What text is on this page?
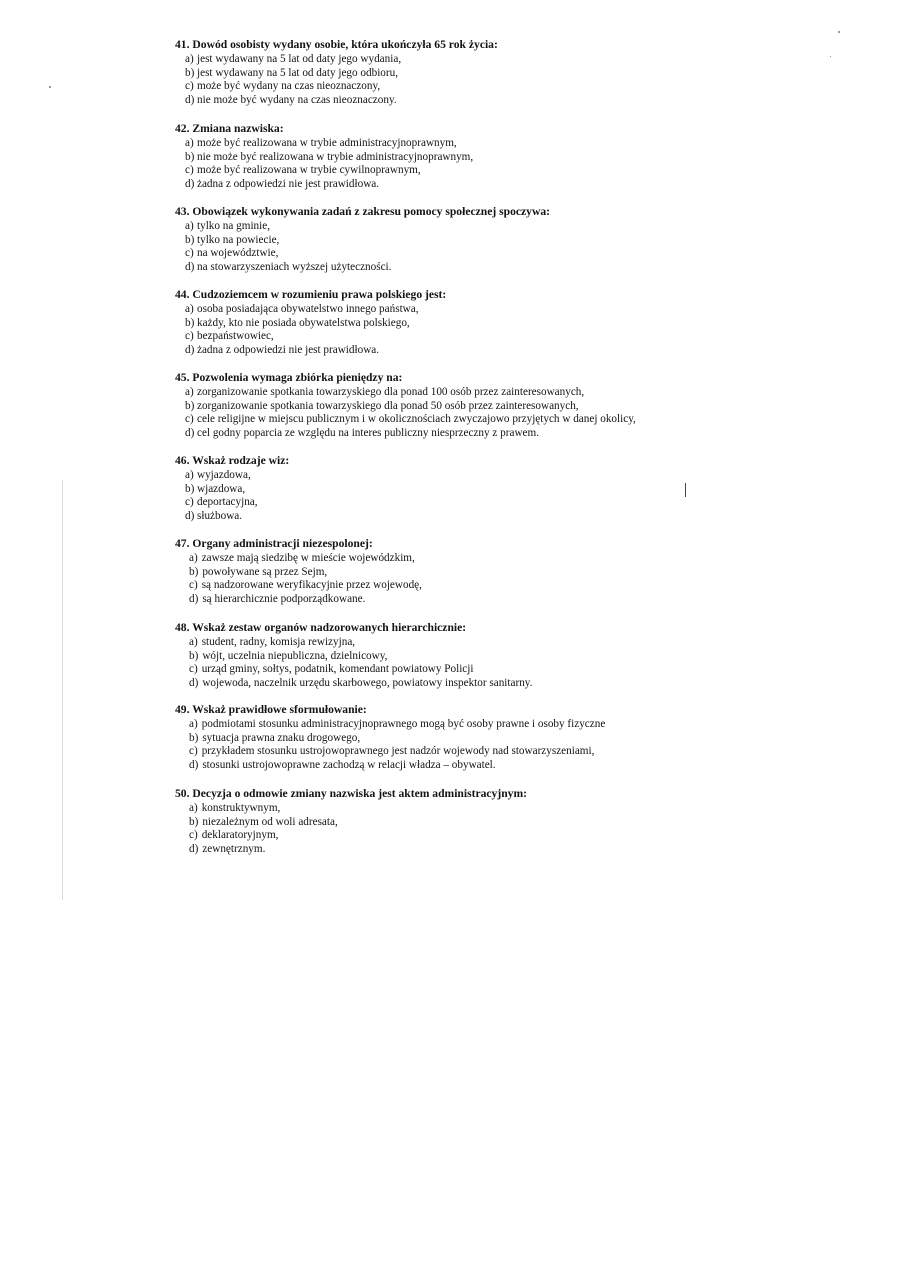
41. Dowód osobisty wydany osobie, która ukończyła 65 rok życia:
a) jest wydawany na 5 lat od daty jego wydania,
b) jest wydawany na 5 lat od daty jego odbioru,
c) może być wydany na czas nieoznaczony,
d) nie może być wydany na czas nieoznaczony.
42. Zmiana nazwiska:
a) może być realizowana w trybie administracyjnoprawnym,
b) nie może być realizowana w trybie administracyjnoprawnym,
c) może być realizowana w trybie cywilnoprawnym,
d) żadna z odpowiedzi nie jest prawidłowa.
43. Obowiązek wykonywania zadań z zakresu pomocy społecznej spoczywa:
a) tylko na gminie,
b) tylko na powiecie,
c) na województwie,
d) na stowarzyszeniach wyższej użyteczności.
44. Cudzoziemcem w rozumieniu prawa polskiego jest:
a) osoba posiadająca obywatelstwo innego państwa,
b) każdy, kto nie posiada obywatelstwa polskiego,
c) bezpaństwowiec,
d) żadna z odpowiedzi nie jest prawidłowa.
45. Pozwolenia wymaga zbiórka pieniędzy na:
a) zorganizowanie spotkania towarzyskiego dla ponad 100 osób przez zainteresowanych,
b) zorganizowanie spotkania towarzyskiego dla ponad 50 osób przez zainteresowanych,
c) cele religijne w miejscu publicznym i w okolicznościach zwyczajowo przyjętych w danej okolicy,
d) cel godny poparcia ze względu na interes publiczny niesprzeczny z prawem.
46. Wskaż rodzaje wiz:
a) wyjazdowa,
b) wjazdowa,
c) deportacyjna,
d) służbowa.
47. Organy administracji niezespolonej:
a) zawsze mają siedzibę w mieście wojewódzkim,
b) powoływane są przez Sejm,
c) są nadzorowane weryfikacyjnie przez wojewodę,
d) są hierarchicznie podporządkowane.
48. Wskaż zestaw organów nadzorowanych hierarchicznie:
a) student, radny, komisja rewizyjna,
b) wójt, uczelnia niepubliczna, dzielnicowy,
c) urząd gminy, sołtys, podatnik, komendant powiatowy Policji
d) wojewoda, naczelnik urzędu skarbowego, powiatowy inspektor sanitarny.
49. Wskaż prawidłowe sformułowanie:
a) podmiotami stosunku administracyjnoprawnego mogą być osoby prawne i osoby fizyczne
b) sytuacja prawna znaku drogowego,
c) przykładem stosunku ustrojowoprawnego jest nadzór wojewody nad stowarzyszeniami,
d) stosunki ustrojowoprawne zachodzą w relacji władza – obywatel.
50. Decyzja o odmowie zmiany nazwiska jest aktem administracyjnym:
a) konstruktywnym,
b) niezależnym od woli adresata,
c) deklaratoryjnym,
d) zewnętrznym.
